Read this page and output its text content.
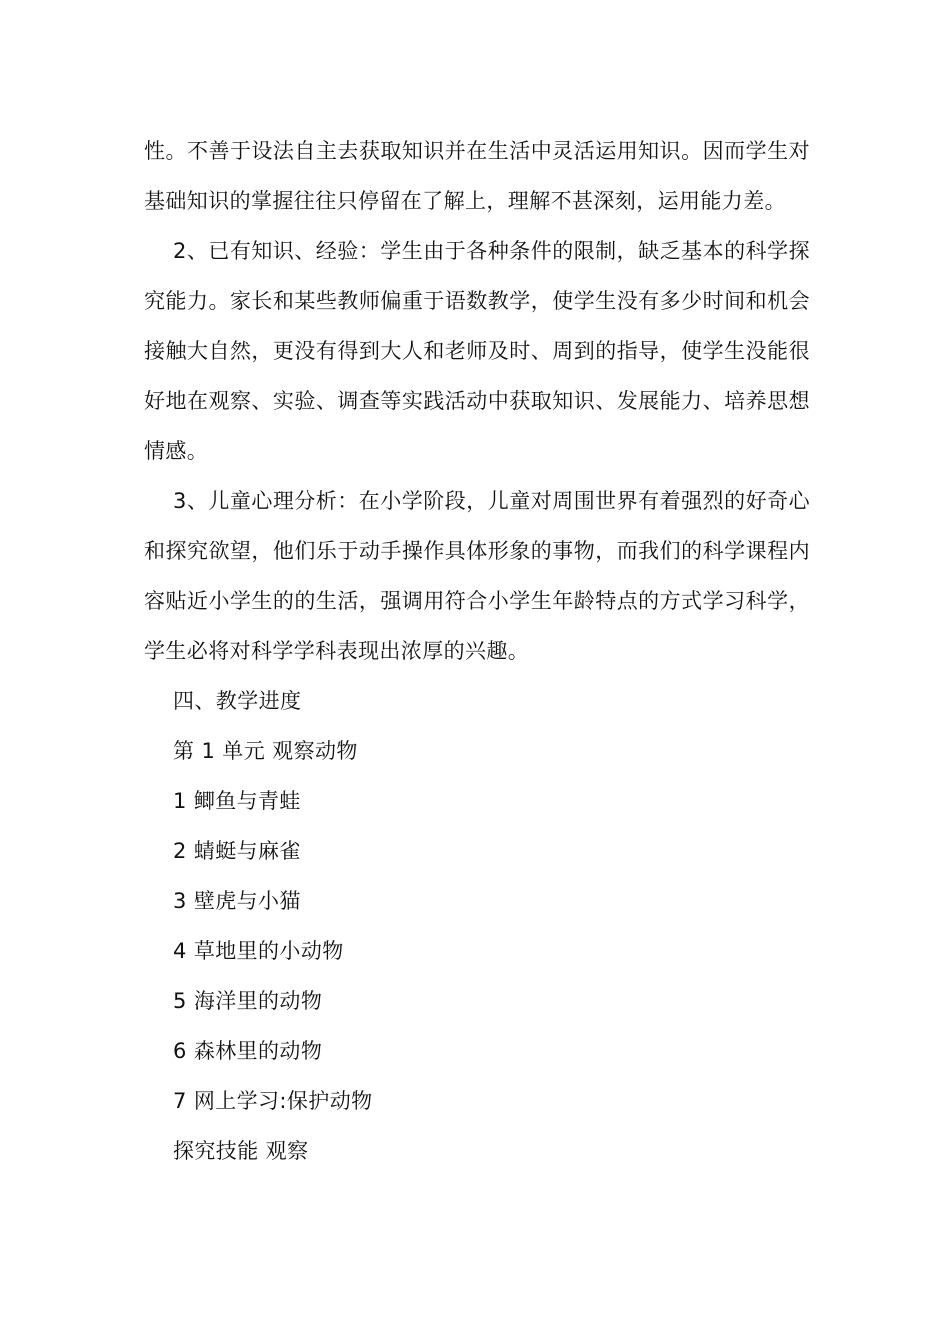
性。不善于设法自主去获取知识并在生活中灵活运用知识。因而学生对基础知识的掌握往往只停留在了解上，理解不甚深刻，运用能力差。

2、已有知识、经验：学生由于各种条件的限制，缺乏基本的科学探究能力。家长和某些教师偏重于语数教学，使学生没有多少时间和机会接触大自然，更没有得到大人和老师及时、周到的指导，使学生没能很好地在观察、实验、调查等实践活动中获取知识、发展能力、培养思想情感。

3、儿童心理分析：在小学阶段，儿童对周围世界有着强烈的好奇心和探究欲望，他们乐于动手操作具体形象的事物，而我们的科学课程内容贴近小学生的的生活，强调用符合小学生年龄特点的方式学习科学，学生必将对科学学科表现出浓厚的兴趣。

四、教学进度

第 1 单元 观察动物

1 鲫鱼与青蛙

2 蜻蜓与麻雀

3 壁虎与小猫

4 草地里的小动物

5 海洋里的动物

6 森林里的动物

7 网上学习:保护动物

探究技能 观察
